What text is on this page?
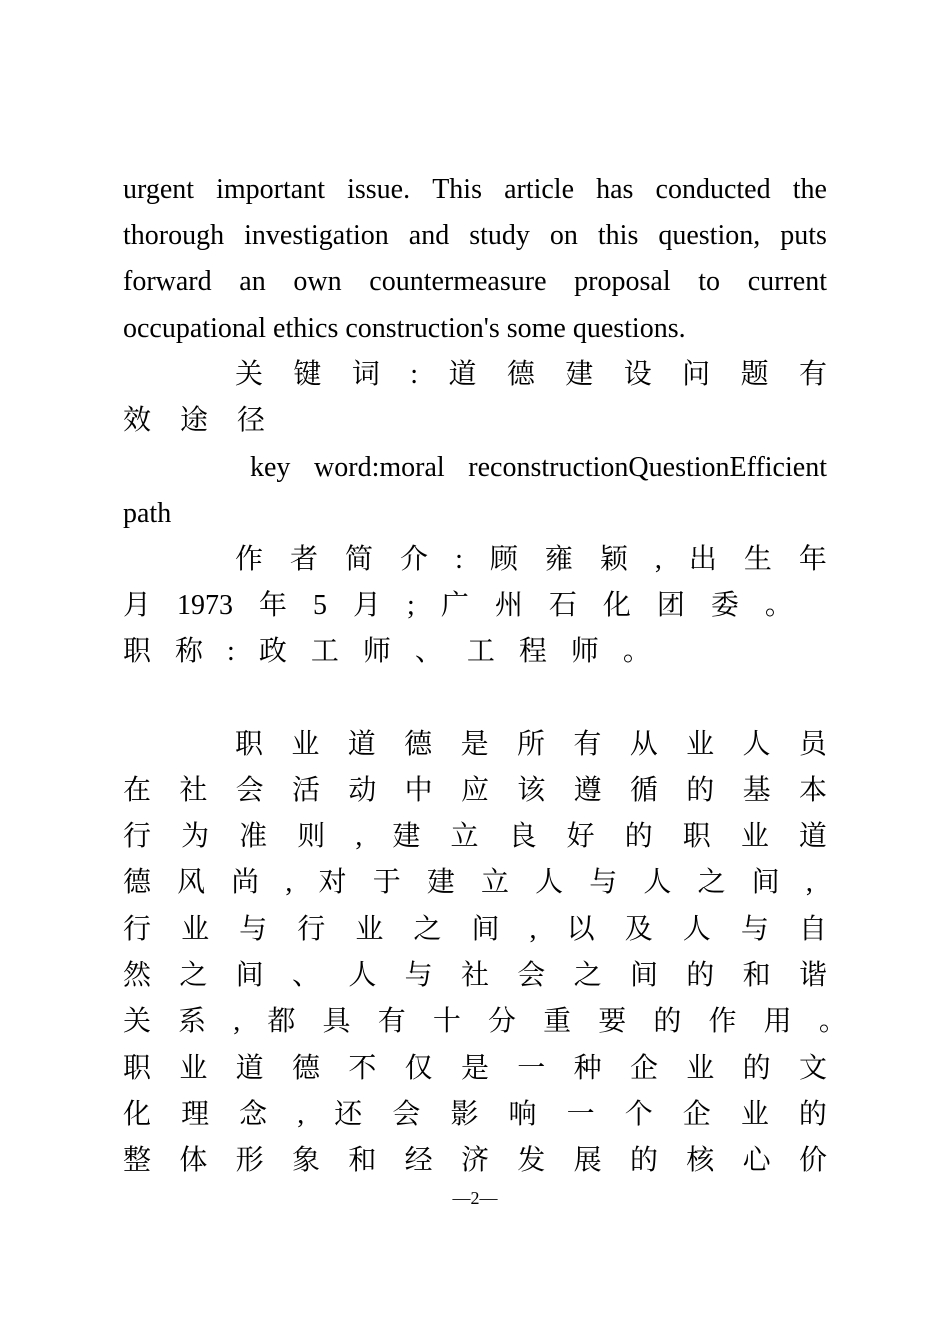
urgent important issue. This article has conducted the
thorough investigation and study on this question, puts
forward an own countermeasure proposal to current
occupational ethics construction's some questions.
关 键 词 : 道 德 建 设 问 题 有
效 途 径
key word:moral reconstructionQuestionEfficient
path
作 者 简 介 : 顾 雍 颖 , 出 生 年
月 1973 年 5 月 ; 广 州 石 化 团 委 。
职 称 : 政 工 师 、 工 程 师 。
职 业 道 德 是 所 有 从 业 人 员
在 社 会 活 动 中 应 该 遵 循 的 基 本
行 为 准 则 , 建 立 良 好 的 职 业 道
德 风 尚 , 对 于 建 立 人 与 人 之 间 ,
行 业 与 行 业 之 间 , 以 及 人 与 自
然 之 间 、 人 与 社 会 之 间 的 和 谐
关 系 , 都 具 有 十 分 重 要 的 作 用 。
职 业 道 德 不 仅 是 一 种 企 业 的 文
化 理 念 , 还 会 影 响 一 个 企 业 的
整 体 形 象 和 经 济 发 展 的 核 心 价
—2—
